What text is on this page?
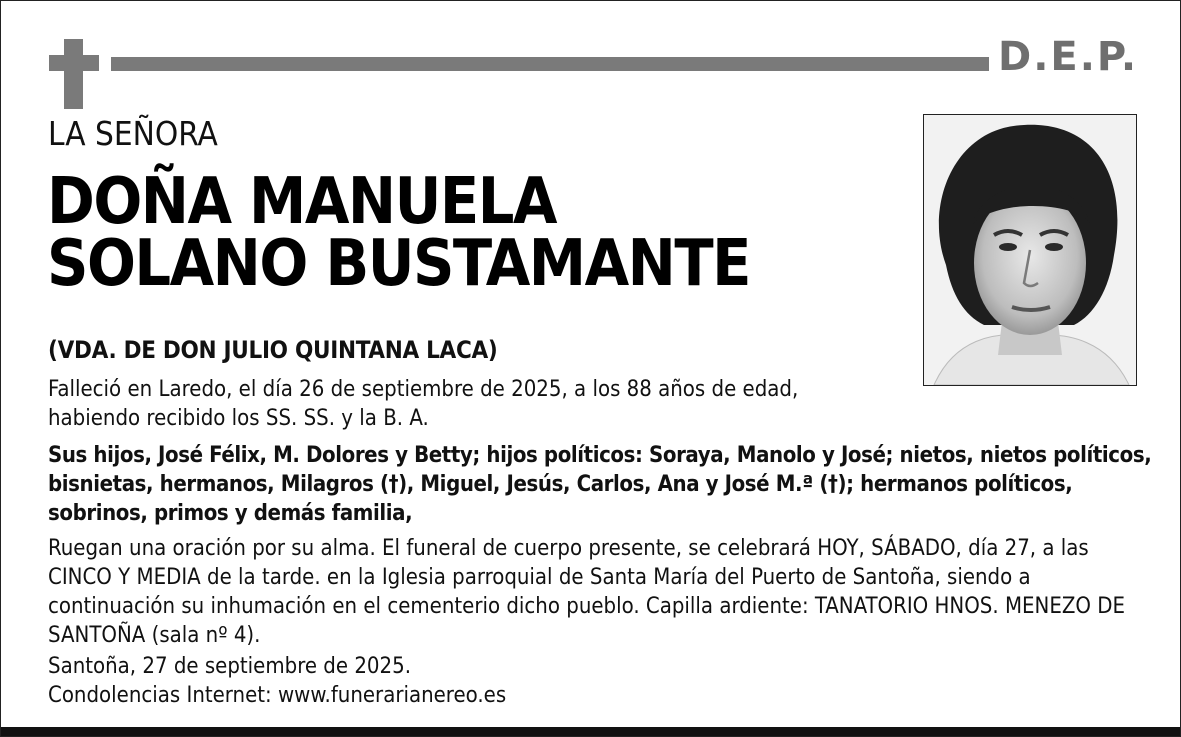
D.E.P.
LA SEÑORA
DOÑA MANUELA
SOLANO BUSTAMANTE
(VDA. DE DON JULIO QUINTANA LACA)

Falleció en Laredo, el día 26 de septiembre de 2025, a los 88 años de edad, habiendo recibido los SS. SS. y la B. A.

Sus hijos, José Félix, M. Dolores y Betty; hijos políticos: Soraya, Manolo y José; nietos, nietos políticos, bisnietas, hermanos, Milagros (†), Miguel, Jesús, Carlos, Ana y José M.ª (†); hermanos políticos, sobrinos, primos y demás familia,

Ruegan una oración por su alma. El funeral de cuerpo presente, se celebrará HOY, SÁBADO, día 27, a las CINCO Y MEDIA de la tarde. en la Iglesia parroquial de Santa María del Puerto de Santoña, siendo a continuación su inhumación en el cementerio dicho pueblo. Capilla ardiente: TANATORIO HNOS. MENEZO DE SANTOÑA (sala nº 4).

Santoña, 27 de septiembre de 2025.
Condolencias Internet: www.funerarianereo.es
